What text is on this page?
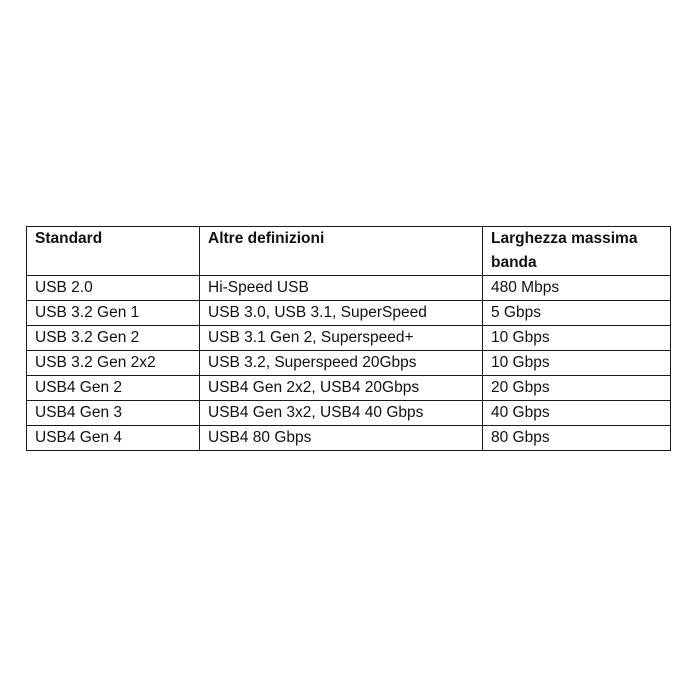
Standard	Altre definizioni	Larghezza massima banda
USB 2.0	Hi-Speed USB	480 Mbps
USB 3.2 Gen 1	USB 3.0, USB 3.1, SuperSpeed	5 Gbps
USB 3.2 Gen 2	USB 3.1 Gen 2, Superspeed+	10 Gbps
USB 3.2 Gen 2x2	USB 3.2, Superspeed 20Gbps	10 Gbps
USB4 Gen 2	USB4 Gen 2x2, USB4 20Gbps	20 Gbps
USB4 Gen 3	USB4 Gen 3x2, USB4 40 Gbps	40 Gbps
USB4 Gen 4	USB4 80 Gbps	80 Gbps
